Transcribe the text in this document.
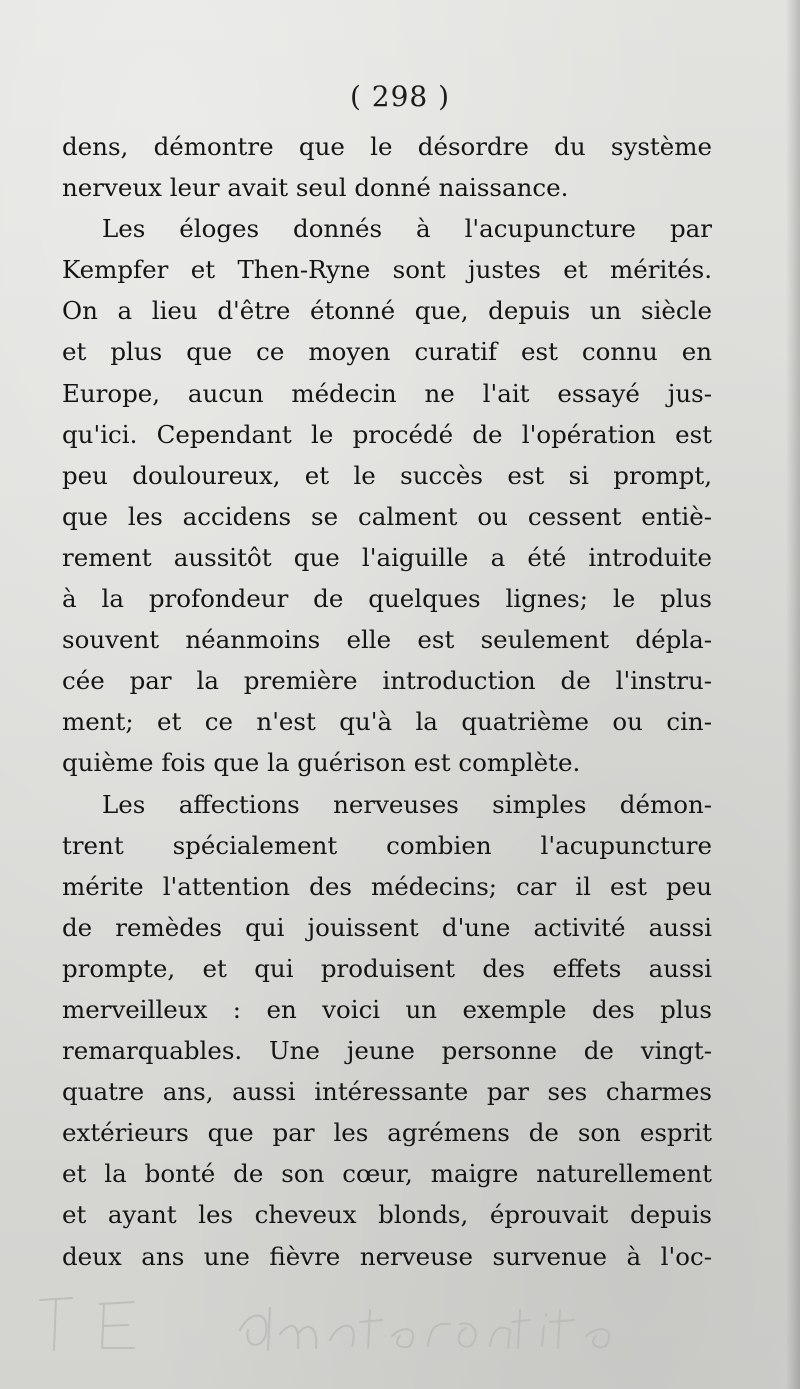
( 298 )
dens, démontre que le désordre du système
nerveux leur avait seul donné naissance.
Les éloges donnés à l'acupuncture par
Kempfer et Then-Ryne sont justes et mérités.
On a lieu d'être étonné que, depuis un siècle
et plus que ce moyen curatif est connu en
Europe, aucun médecin ne l'ait essayé jus-
qu'ici. Cependant le procédé de l'opération est
peu douloureux, et le succès est si prompt,
que les accidens se calment ou cessent entiè-
rement aussitôt que l'aiguille a été introduite
à la profondeur de quelques lignes; le plus
souvent néanmoins elle est seulement dépla-
cée par la première introduction de l'instru-
ment; et ce n'est qu'à la quatrième ou cin-
quième fois que la guérison est complète.
Les affections nerveuses simples démon-
trent spécialement combien l'acupuncture
mérite l'attention des médecins; car il est peu
de remèdes qui jouissent d'une activité aussi
prompte, et qui produisent des effets aussi
merveilleux : en voici un exemple des plus
remarquables. Une jeune personne de vingt-
quatre ans, aussi intéressante par ses charmes
extérieurs que par les agrémens de son esprit
et la bonté de son cœur, maigre naturellement
et ayant les cheveux blonds, éprouvait depuis
deux ans une fièvre nerveuse survenue à l'oc-
